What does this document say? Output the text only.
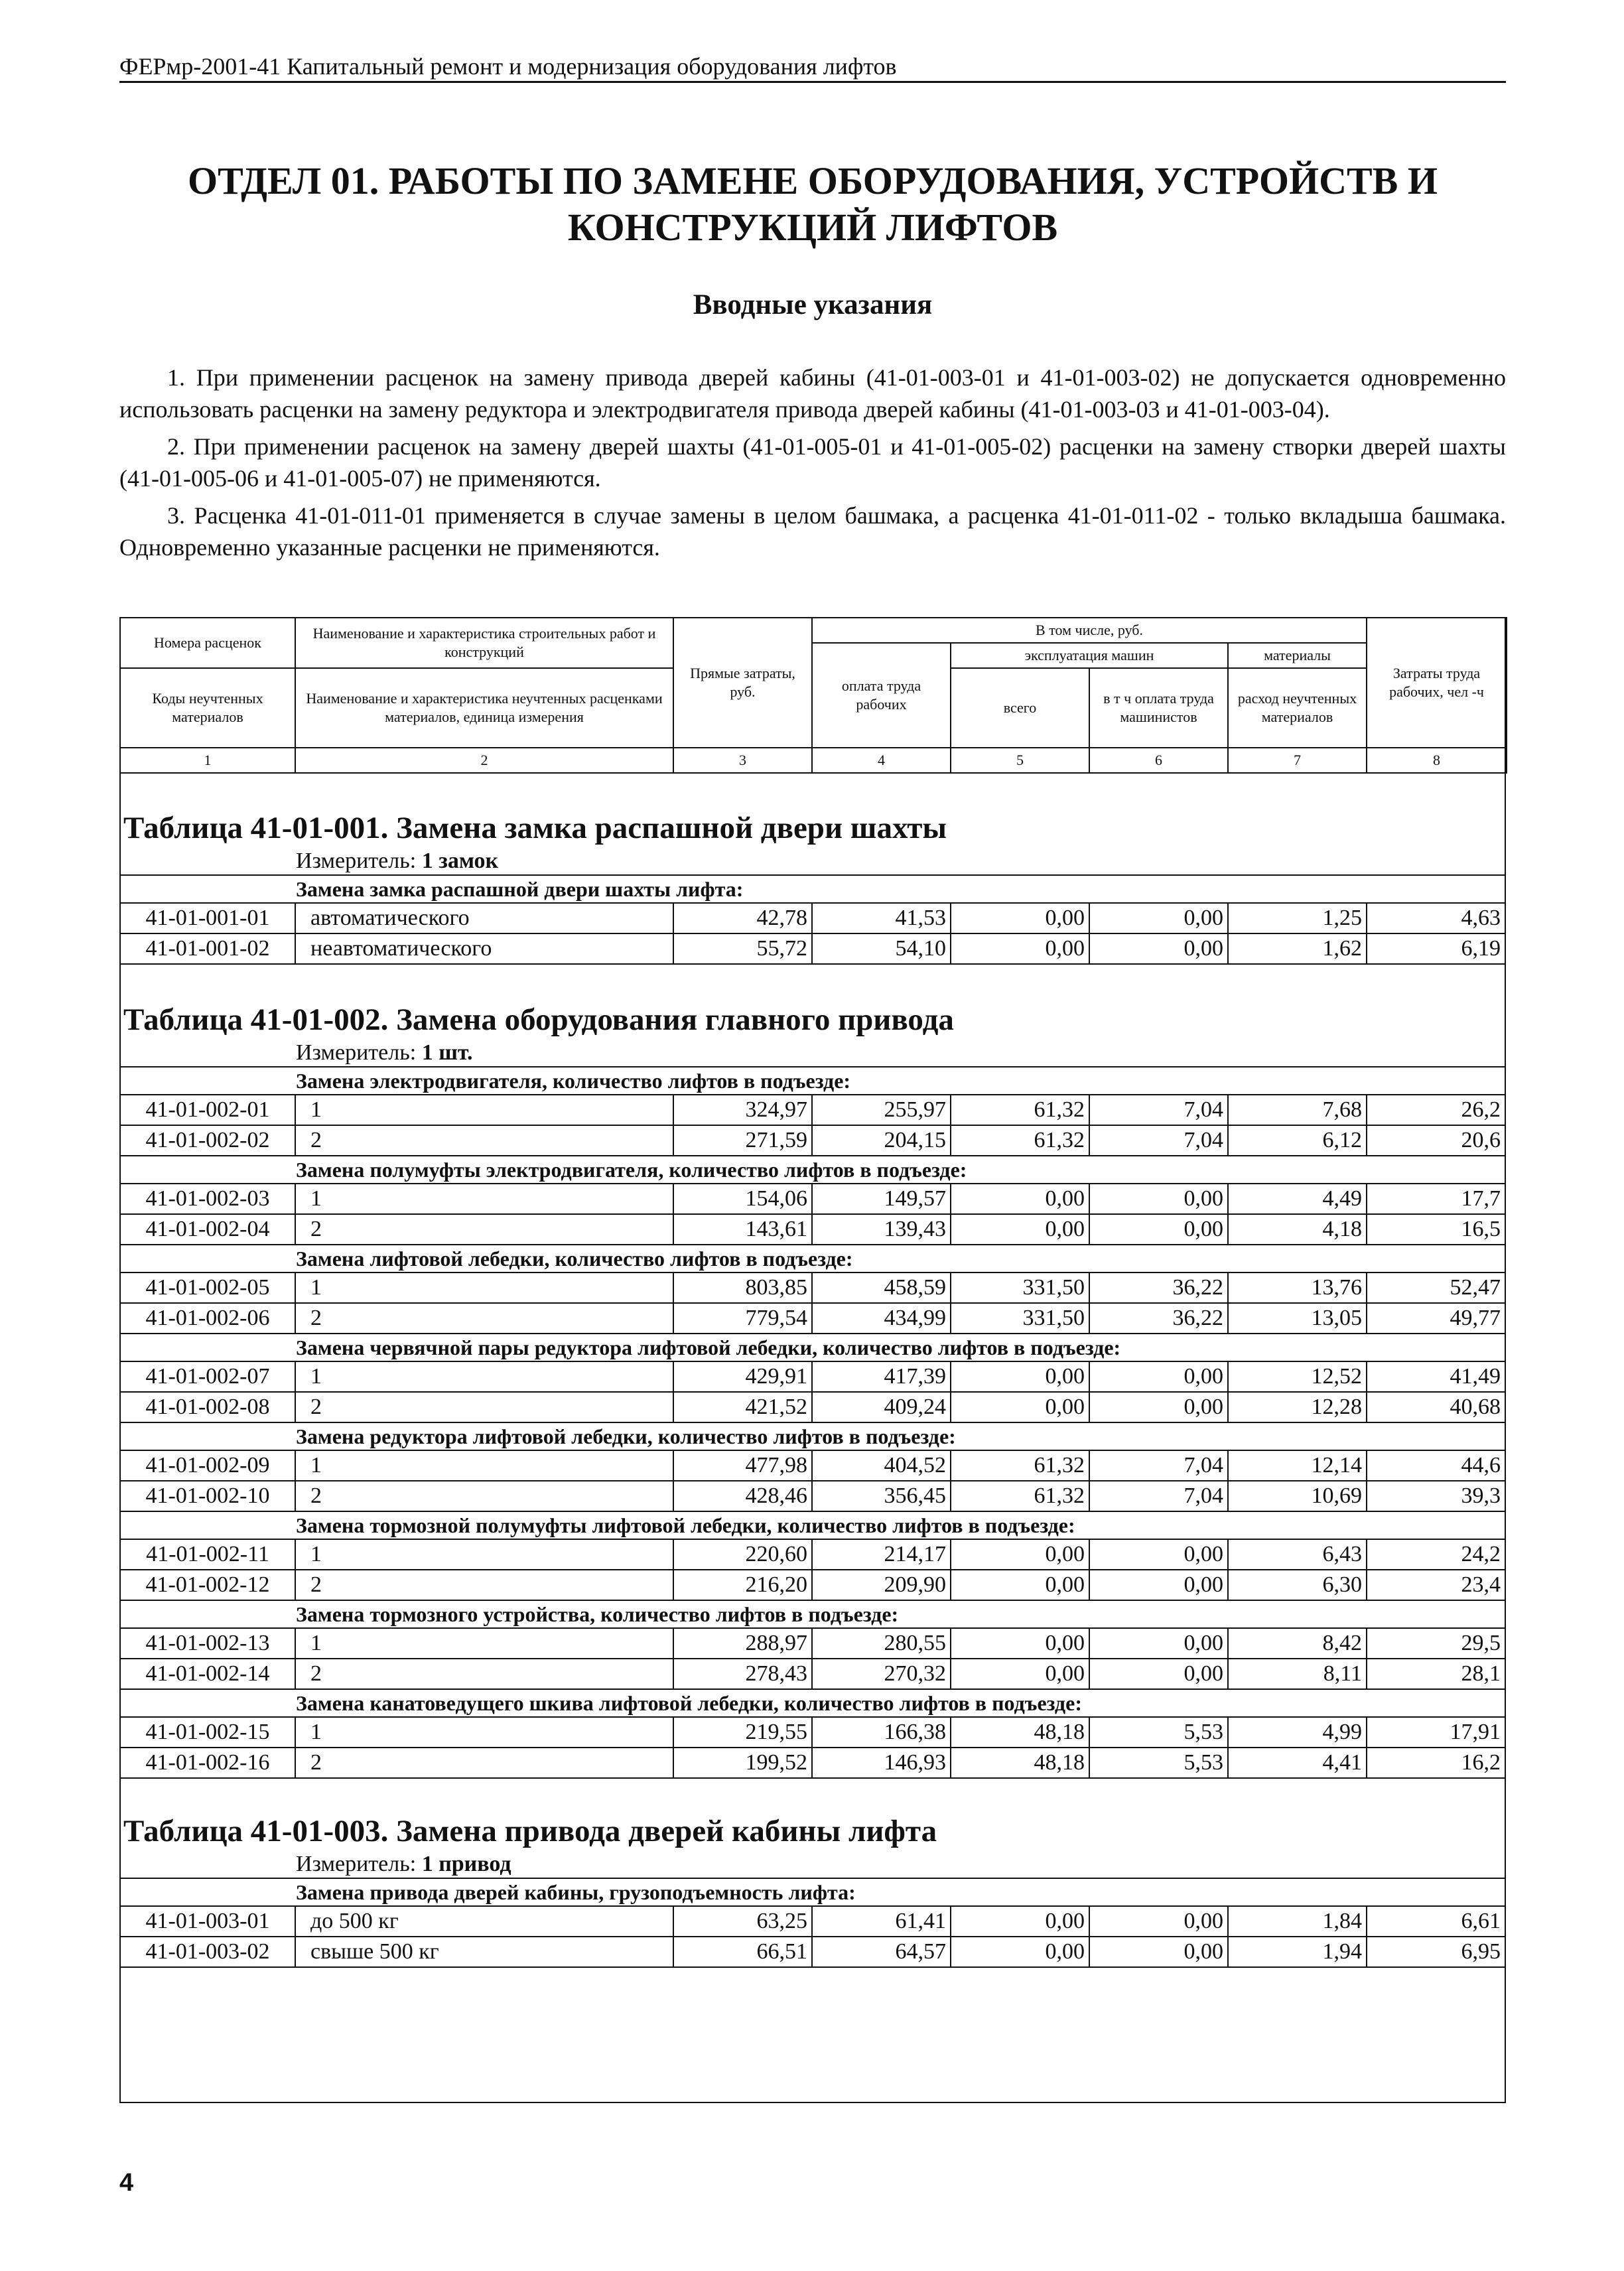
ФЕРмр-2001-41 Капитальный ремонт и модернизация оборудования лифтов
ОТДЕЛ 01. РАБОТЫ ПО ЗАМЕНЕ ОБОРУДОВАНИЯ, УСТРОЙСТВ И
КОНСТРУКЦИЙ ЛИФТОВ
Вводные указания

1. При применении расценок на замену привода дверей кабины (41-01-003-01 и 41-01-003-02) не допускается одновременно использовать расценки на замену редуктора и электродвигателя привода дверей кабины (41-01-003-03 и 41-01-003-04).

2. При применении расценок на замену дверей шахты (41-01-005-01 и 41-01-005-02) расценки на замену створки дверей шахты (41-01-005-06 и 41-01-005-07) не применяются.

3. Расценка 41-01-011-01 применяется в случае замены в целом башмака, а расценка 41-01-011-02 - только вкладыша башмака. Одновременно указанные расценки не применяются.

Номера расценок	Наименование и характеристика строительных работ и конструкций	Прямые затраты, руб.	В том числе, руб.				Затраты труда рабочих, чел -ч
			оплата труда рабочих	эксплуатация машин		материалы	
Коды неучтенных материалов	Наименование и характеристика неучтенных расценками материалов, единица измерения			всего	в т ч оплата труда машинистов	расход неучтенных материалов	

1	2	3	4	5	6	7	8
Таблица 41-01-001. Замена замка распашной двери шахты
Измеритель: 1 замок
Замена замка распашной двери шахты лифта:
41-01-001-01	автоматического	42,78	41,53	0,00	0,00	1,25	4,63
41-01-001-02	неавтоматического	55,72	54,10	0,00	0,00	1,62	6,19
Таблица 41-01-002. Замена оборудования главного привода
Измеритель: 1 шт.
Замена электродвигателя, количество лифтов в подъезде:
41-01-002-01	1	324,97	255,97	61,32	7,04	7,68	26,2
41-01-002-02	2	271,59	204,15	61,32	7,04	6,12	20,6
Замена полумуфты электродвигателя, количество лифтов в подъезде:
41-01-002-03	1	154,06	149,57	0,00	0,00	4,49	17,7
41-01-002-04	2	143,61	139,43	0,00	0,00	4,18	16,5
Замена лифтовой лебедки, количество лифтов в подъезде:
41-01-002-05	1	803,85	458,59	331,50	36,22	13,76	52,47
41-01-002-06	2	779,54	434,99	331,50	36,22	13,05	49,77
Замена червячной пары редуктора лифтовой лебедки, количество лифтов в подъезде:
41-01-002-07	1	429,91	417,39	0,00	0,00	12,52	41,49
41-01-002-08	2	421,52	409,24	0,00	0,00	12,28	40,68
Замена редуктора лифтовой лебедки, количество лифтов в подъезде:
41-01-002-09	1	477,98	404,52	61,32	7,04	12,14	44,6
41-01-002-10	2	428,46	356,45	61,32	7,04	10,69	39,3
Замена тормозной полумуфты лифтовой лебедки, количество лифтов в подъезде:
41-01-002-11	1	220,60	214,17	0,00	0,00	6,43	24,2
41-01-002-12	2	216,20	209,90	0,00	0,00	6,30	23,4
Замена тормозного устройства, количество лифтов в подъезде:
41-01-002-13	1	288,97	280,55	0,00	0,00	8,42	29,5
41-01-002-14	2	278,43	270,32	0,00	0,00	8,11	28,1
Замена канатоведущего шкива лифтовой лебедки, количество лифтов в подъезде:
41-01-002-15	1	219,55	166,38	48,18	5,53	4,99	17,91
41-01-002-16	2	199,52	146,93	48,18	5,53	4,41	16,2
Таблица 41-01-003. Замена привода дверей кабины лифта
Измеритель: 1 привод
Замена привода дверей кабины, грузоподъемность лифта:
41-01-003-01	до 500 кг	63,25	61,41	0,00	0,00	1,84	6,61
41-01-003-02	свыше 500 кг	66,51	64,57	0,00	0,00	1,94	6,95
4
